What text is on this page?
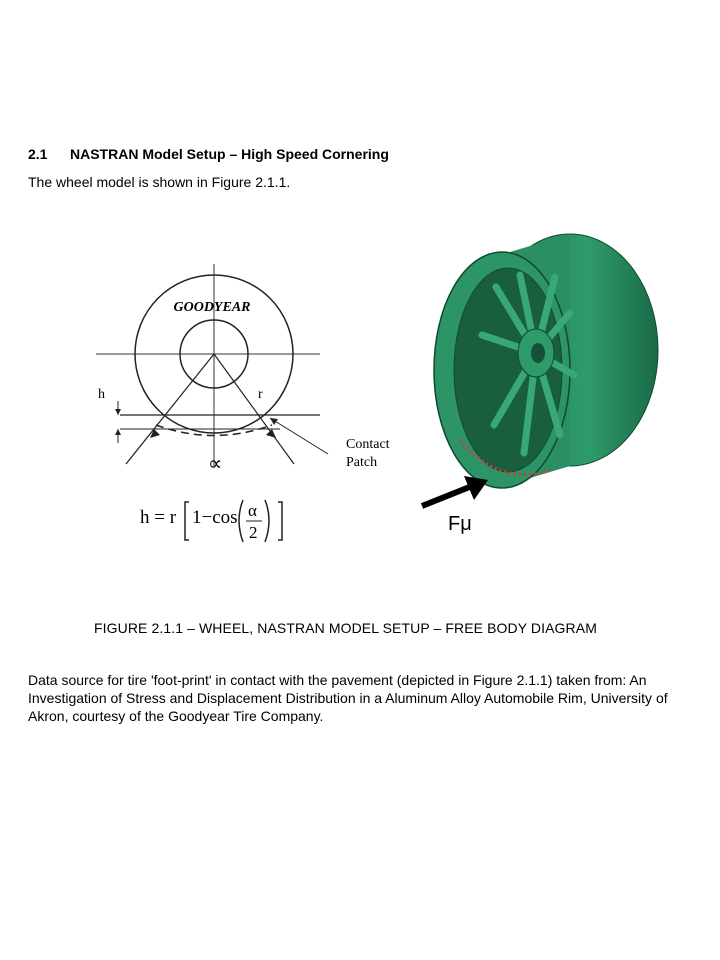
2.1 NASTRAN Model Setup – High Speed Cornering
The wheel model is shown in Figure 2.1.1.
GOODYEAR
h	r
∝
Contact
Patch
h = r 1−cos α
2	Fμ
FIGURE 2.1.1 – WHEEL, NASTRAN MODEL SETUP – FREE BODY DIAGRAM
Data source for tire 'foot-print' in contact with the pavement (depicted in Figure 2.1.1) taken from: An Investigation of Stress and Displacement Distribution in a Aluminum Alloy Automobile Rim, University of Akron, courtesy of the Goodyear Tire Company.
